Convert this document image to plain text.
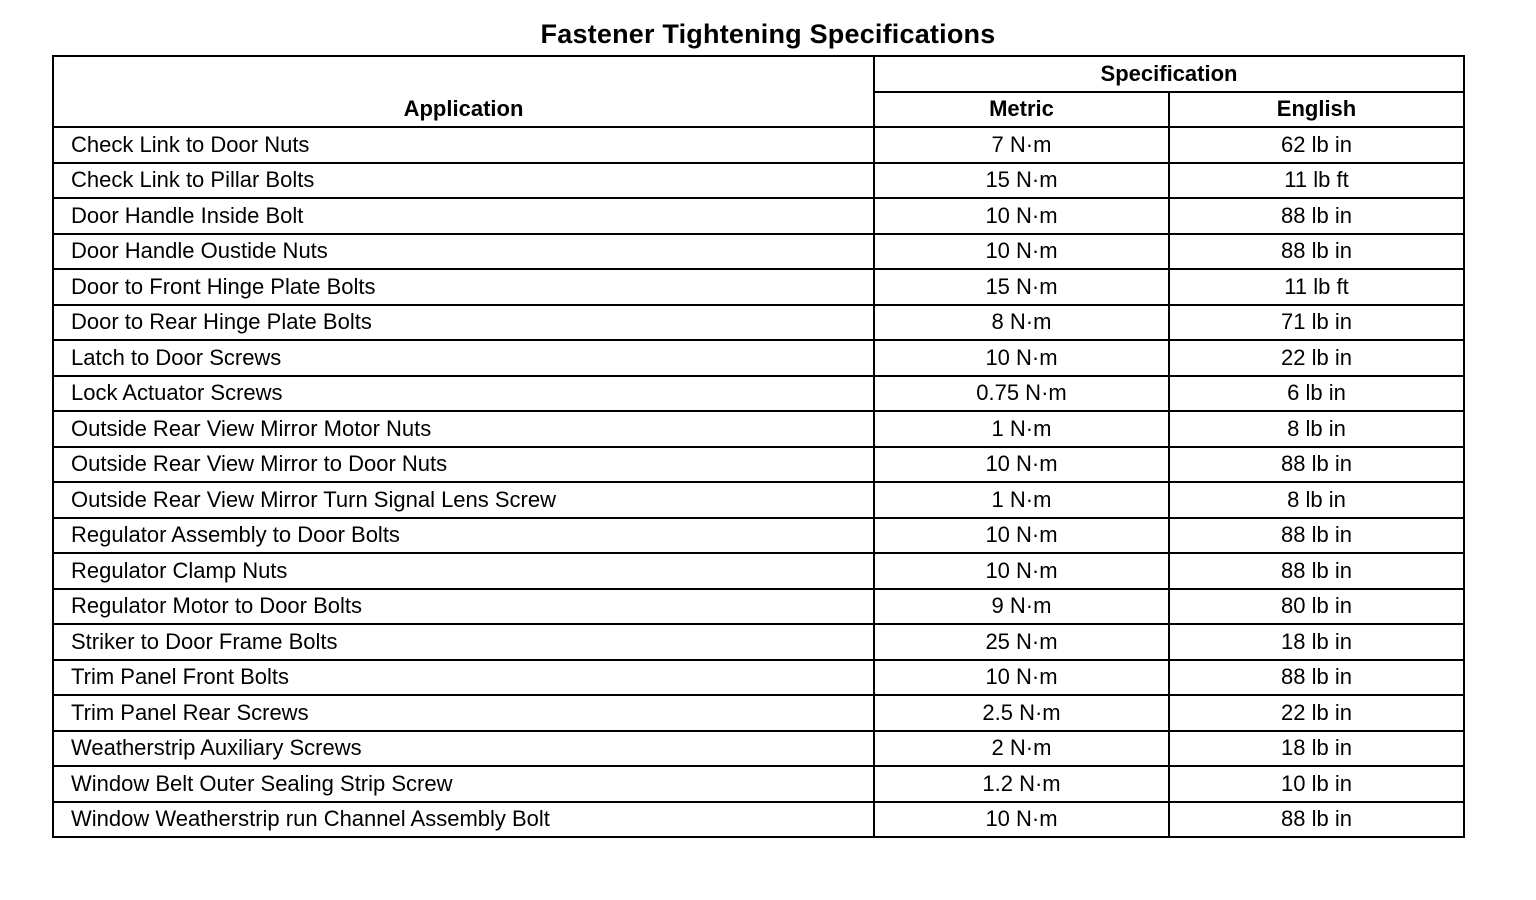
Fastener Tightening Specifications
Application	Specification	
	Metric	English
Check Link to Door Nuts	7 N·m	62 lb in
Check Link to Pillar Bolts	15 N·m	11 lb ft
Door Handle Inside Bolt	10 N·m	88 lb in
Door Handle Oustide Nuts	10 N·m	88 lb in
Door to Front Hinge Plate Bolts	15 N·m	11 lb ft
Door to Rear Hinge Plate Bolts	8 N·m	71 lb in
Latch to Door Screws	10 N·m	22 lb in
Lock Actuator Screws	0.75 N·m	6 lb in
Outside Rear View Mirror Motor Nuts	1 N·m	8 lb in
Outside Rear View Mirror to Door Nuts	10 N·m	88 lb in
Outside Rear View Mirror Turn Signal Lens Screw	1 N·m	8 lb in
Regulator Assembly to Door Bolts	10 N·m	88 lb in
Regulator Clamp Nuts	10 N·m	88 lb in
Regulator Motor to Door Bolts	9 N·m	80 lb in
Striker to Door Frame Bolts	25 N·m	18 lb in
Trim Panel Front Bolts	10 N·m	88 lb in
Trim Panel Rear Screws	2.5 N·m	22 lb in
Weatherstrip Auxiliary Screws	2 N·m	18 lb in
Window Belt Outer Sealing Strip Screw	1.2 N·m	10 lb in
Window Weatherstrip run Channel Assembly Bolt	10 N·m	88 lb in
